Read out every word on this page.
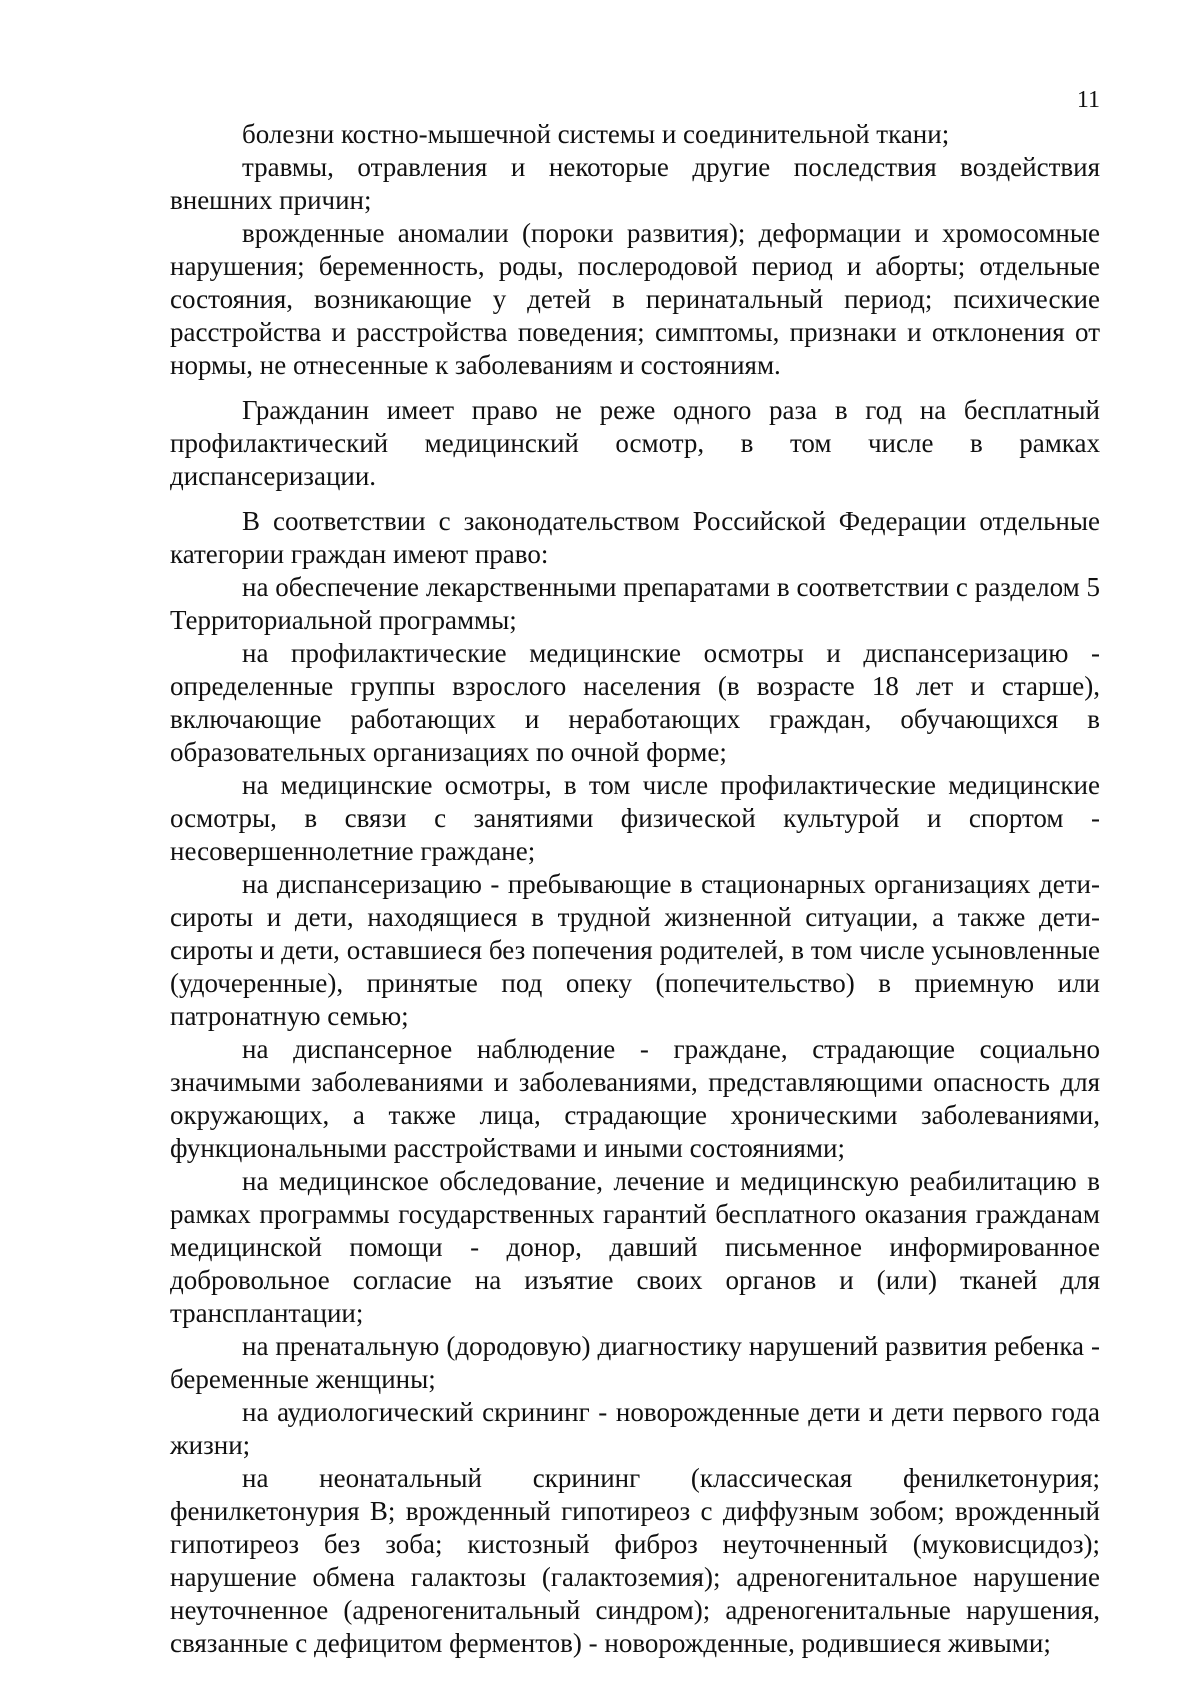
11

болезни костно-мышечной системы и соединительной ткани;

травмы, отравления и некоторые другие последствия воздействия внешних причин;

врожденные аномалии (пороки развития); деформации и хромосомные нарушения; беременность, роды, послеродовой период и аборты; отдельные состояния, возникающие у детей в перинатальный период; психические расстройства и расстройства поведения; симптомы, признаки и отклонения от нормы, не отнесенные к заболеваниям и состояниям.

Гражданин имеет право не реже одного раза в год на бесплатный профилактический медицинский осмотр, в том числе в рамках диспансеризации.

В соответствии с законодательством Российской Федерации отдельные категории граждан имеют право:

на обеспечение лекарственными препаратами в соответствии с разделом 5 Территориальной программы;

на профилактические медицинские осмотры и диспансеризацию - определенные группы взрослого населения (в возрасте 18 лет и старше), включающие работающих и неработающих граждан, обучающихся в образовательных организациях по очной форме;

на медицинские осмотры, в том числе профилактические медицинские осмотры, в связи с занятиями физической культурой и спортом - несовершеннолетние граждане;

на диспансеризацию - пребывающие в стационарных организациях дети-сироты и дети, находящиеся в трудной жизненной ситуации, а также дети-сироты и дети, оставшиеся без попечения родителей, в том числе усыновленные (удочеренные), принятые под опеку (попечительство) в приемную или патронатную семью;

на диспансерное наблюдение - граждане, страдающие социально значимыми заболеваниями и заболеваниями, представляющими опасность для окружающих, а также лица, страдающие хроническими заболеваниями, функциональными расстройствами и иными состояниями;

на медицинское обследование, лечение и медицинскую реабилитацию в рамках программы государственных гарантий бесплатного оказания гражданам медицинской помощи - донор, давший письменное информированное добровольное согласие на изъятие своих органов и (или) тканей для трансплантации;

на пренатальную (дородовую) диагностику нарушений развития ребенка - беременные женщины;

на аудиологический скрининг - новорожденные дети и дети первого года жизни;

на неонатальный скрининг (классическая фенилкетонурия; фенилкетонурия В; врожденный гипотиреоз с диффузным зобом; врожденный гипотиреоз без зоба; кистозный фиброз неуточненный (муковисцидоз); нарушение обмена галактозы (галактоземия); адреногенитальное нарушение неуточненное (адреногенитальный синдром); адреногенитальные нарушения, связанные с дефицитом ферментов) - новорожденные, родившиеся живыми;
